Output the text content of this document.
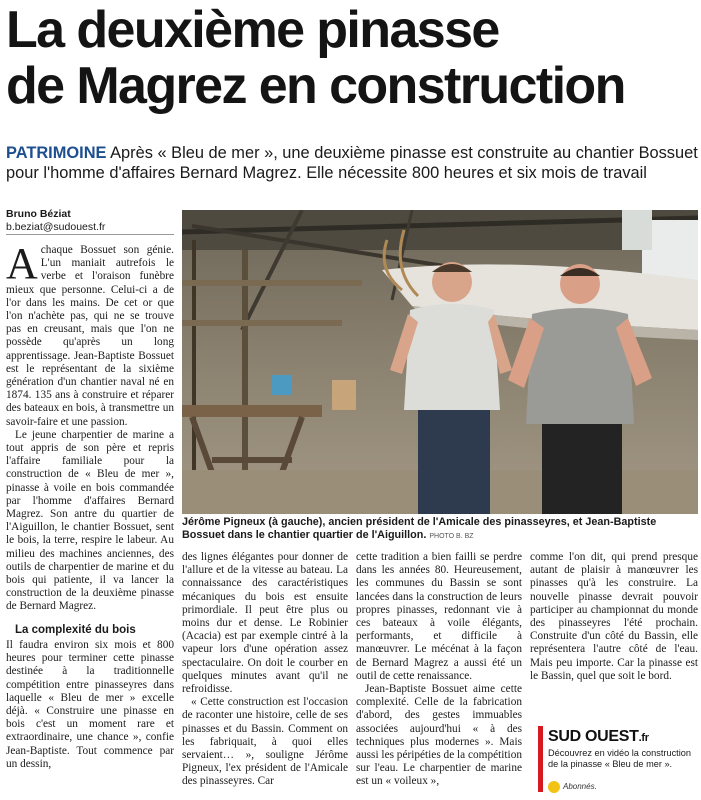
La deuxième pinasse
de Magrez en construction
PATRIMOINE Après « Bleu de mer », une deuxième pinasse est construite au chantier Bossuet pour l'homme d'affaires Bernard Magrez. Elle nécessite 800 heures et six mois de travail
Bruno Béziat
b.beziat@sudouest.fr

Achaque Bossuet son génie. L'un maniait autrefois le verbe et l'oraison funèbre mieux que personne. Celui-ci a de l'or dans les mains. De cet or que l'on n'achète pas, qui ne se trouve pas en creusant, mais que l'on ne possède qu'après un long apprentissage. Jean-Baptiste Bossuet est le représentant de la sixième génération d'un chantier naval né en 1874. 135 ans à construire et réparer des bateaux en bois, à transmettre un savoir-faire et une passion.

Le jeune charpentier de marine a tout appris de son père et repris l'affaire familiale pour la construction de « Bleu de mer », pinasse à voile en bois commandée par l'homme d'affaires Bernard Magrez. Son antre du quartier de l'Aiguillon, le chantier Bossuet, sent le bois, la terre, respire le labeur. Au milieu des machines anciennes, des outils de charpentier de marine et du bois qui patiente, il va lancer la construction de la deuxième pinasse de Bernard Magrez.

La complexité du bois

Il faudra environ six mois et 800 heures pour terminer cette pinasse destinée à la traditionnelle compétition entre pinasseyres dans laquelle « Bleu de mer » excelle déjà. « Construire une pinasse en bois c'est un moment rare et extraordinaire, une chance », confie Jean-Baptiste. Tout commence par un dessin,

Jérôme Pigneux (à gauche), ancien président de l'Amicale des pinasseyres, et Jean-Baptiste Bossuet dans le chantier quartier de l'Aiguillon. PHOTO B. BZ

des lignes élégantes pour donner de l'allure et de la vitesse au bateau. La connaissance des caractéristiques mécaniques du bois est ensuite primordiale. Il peut être plus ou moins dur et dense. Le Robinier (Acacia) est par exemple cintré à la vapeur lors d'une opération assez spectaculaire. On doit le courber en quelques minutes avant qu'il ne refroidisse.

« Cette construction est l'occasion de raconter une histoire, celle de ses pinasses et du Bassin. Comment on les fabriquait, à quoi elles servaient… », souligne Jérôme Pigneux, l'ex président de l'Amicale des pinasseyres. Car

cette tradition a bien failli se perdre dans les années 80. Heureusement, les communes du Bassin se sont lancées dans la construction de leurs propres pinasses, redonnant vie à ces bateaux à voile élégants, performants, et difficile à manœuvrer. Le mécénat à la façon de Bernard Magrez a aussi été un outil de cette renaissance.

Jean-Baptiste Bossuet aime cette complexité. Celle de la fabrication d'abord, des gestes immuables associées aujourd'hui « à des techniques plus modernes ». Mais aussi les péripéties de la compétition sur l'eau. Le charpentier de marine est un « voileux »,

comme l'on dit, qui prend presque autant de plaisir à manœuvrer les pinasses qu'à les construire. La nouvelle pinasse devrait pouvoir participer au championnat du monde des pinasseyres l'été prochain. Construite d'un côté du Bassin, elle représentera l'autre côté de l'eau. Mais peu importe. Car la pinasse est le Bassin, quel que soit le bord.

SUD OUEST.fr
Découvrez en vidéo la construction de la pinasse « Bleu de mer ».
Abonnés.
